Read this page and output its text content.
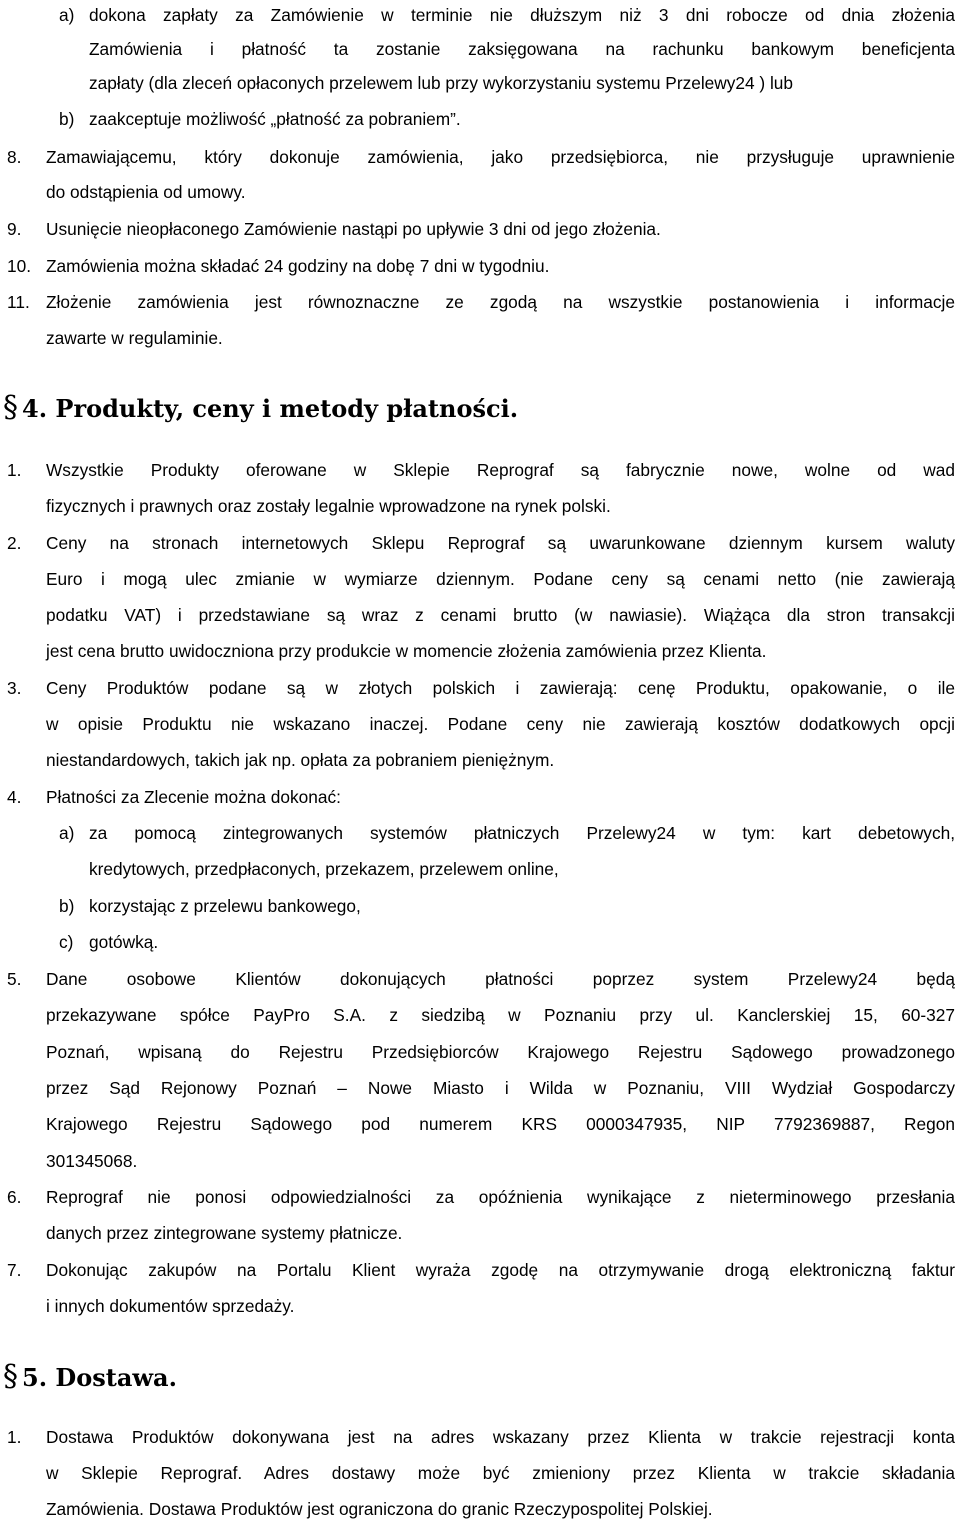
a) dokona zapłaty za Zamówienie w terminie nie dłuższym niż 3 dni robocze od dnia złożenia
Zamówienia i płatność ta zostanie zaksięgowana na rachunku bankowym beneficjenta
zapłaty (dla zleceń opłaconych przelewem lub przy wykorzystaniu systemu Przelewy24 ) lub
b) zaakceptuje możliwość „płatność za pobraniem”.
8. Zamawiającemu, który dokonuje zamówienia, jako przedsiębiorca, nie przysługuje uprawnienie
do odstąpienia od umowy.
9. Usunięcie nieopłaconego Zamówienie nastąpi po upływie 3 dni od jego złożenia.
10. Zamówienia można składać 24 godziny na dobę 7 dni w tygodniu.
11. Złożenie zamówienia jest równoznaczne ze zgodą na wszystkie postanowienia i informacje
zawarte w regulaminie.
§ 4. Produkty, ceny i metody płatności.
1. Wszystkie Produkty oferowane w Sklepie Reprograf są fabrycznie nowe, wolne od wad
fizycznych i prawnych oraz zostały legalnie wprowadzone na rynek polski.
2. Ceny na stronach internetowych Sklepu Reprograf są uwarunkowane dziennym kursem waluty
Euro i mogą ulec zmianie w wymiarze dziennym. Podane ceny są cenami netto (nie zawierają
podatku VAT) i przedstawiane są wraz z cenami brutto (w nawiasie). Wiążąca dla stron transakcji
jest cena brutto uwidoczniona przy produkcie w momencie złożenia zamówienia przez Klienta.
3. Ceny Produktów podane są w złotych polskich i zawierają: cenę Produktu, opakowanie, o ile
w opisie Produktu nie wskazano inaczej. Podane ceny nie zawierają kosztów dodatkowych opcji
niestandardowych, takich jak np. opłata za pobraniem pieniężnym.
4. Płatności za Zlecenie można dokonać:
a) za pomocą zintegrowanych systemów płatniczych Przelewy24 w tym: kart debetowych,
kredytowych, przedpłaconych, przekazem, przelewem online,
b) korzystając z przelewu bankowego,
c) gotówką.
5. Dane osobowe Klientów dokonujących płatności poprzez system Przelewy24 będą
przekazywane spółce PayPro S.A. z siedzibą w Poznaniu przy ul. Kanclerskiej 15, 60-327
Poznań, wpisaną do Rejestru Przedsiębiorców Krajowego Rejestru Sądowego prowadzonego
przez Sąd Rejonowy Poznań – Nowe Miasto i Wilda w Poznaniu, VIII Wydział Gospodarczy
Krajowego Rejestru Sądowego pod numerem KRS 0000347935, NIP 7792369887, Regon
301345068.
6. Reprograf nie ponosi odpowiedzialności za opóźnienia wynikające z nieterminowego przesłania
danych przez zintegrowane systemy płatnicze.
7. Dokonując zakupów na Portalu Klient wyraża zgodę na otrzymywanie drogą elektroniczną faktur
i innych dokumentów sprzedaży.
§ 5. Dostawa.
1. Dostawa Produktów dokonywana jest na adres wskazany przez Klienta w trakcie rejestracji konta
w Sklepie Reprograf. Adres dostawy może być zmieniony przez Klienta w trakcie składania
Zamówienia. Dostawa Produktów jest ograniczona do granic Rzeczypospolitej Polskiej.
